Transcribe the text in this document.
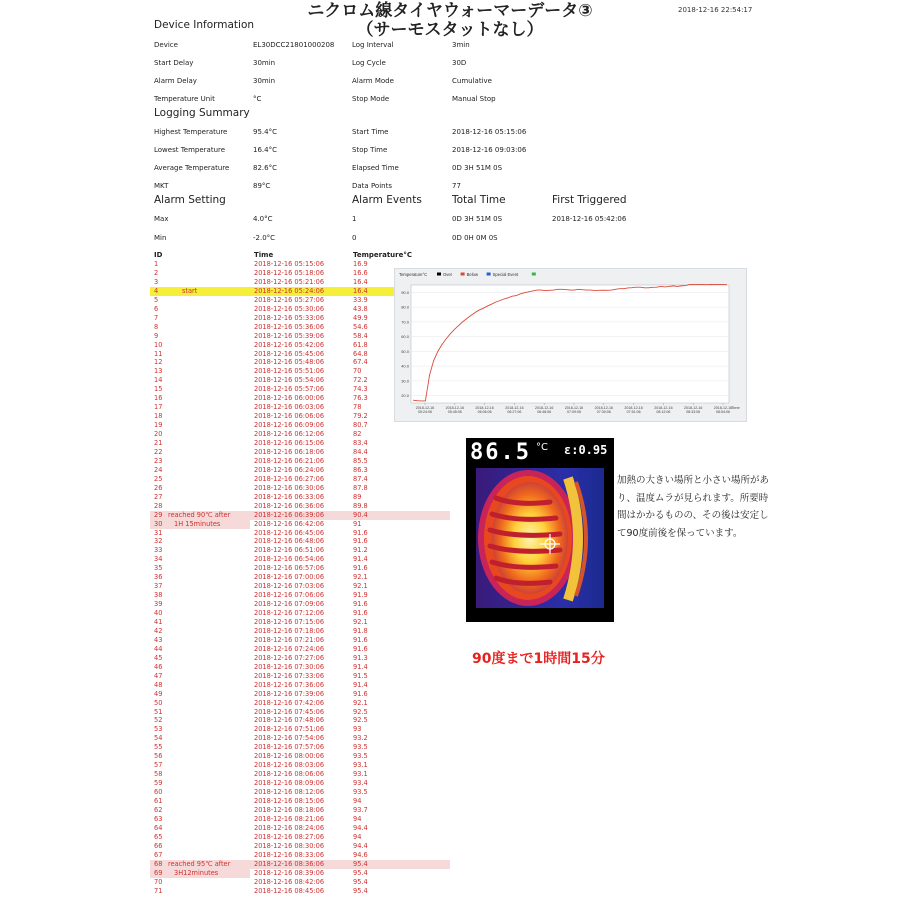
ニクロム線タイヤウォーマーデータ③
（サーモスタットなし）
2018-12-16 22:54:17
Device Information
Device	EL30DCC21801000208
Start Delay	30min
Alarm Delay	30min
Temperature Unit	°C
Log Interval	3min
Log Cycle	30D
Alarm Mode	Cumulative
Stop Mode	Manual Stop
Logging Summary
Highest Temperature	95.4°C
Lowest Temperature	16.4°C
Average Temperature	82.6°C
MKT	89°C
Start Time	2018-12-16 05:15:06
Stop Time	2018-12-16 09:03:06
Elapsed Time	0D 3H 51M 0S
Data Points	77
Alarm Setting	Alarm Events	Total Time	First Triggered
Max	4.0°C	1	0D 3H 51M 0S	2018-12-16 05:42:06
Min	-2.0°C	0	0D 0H 0M 0S
ID	Time	Temperature°C
1	2018-12-16 05:15:06	16.9
2	2018-12-16 05:18:06	16.6
3	2018-12-16 05:21:06	16.4
4	2018-12-16 05:24:06	16.4
start
5	2018-12-16 05:27:06	33.9
6	2018-12-16 05:30:06	43.8
7	2018-12-16 05:33:06	49.9
8	2018-12-16 05:36:06	54.6
9	2018-12-16 05:39:06	58.4
10	2018-12-16 05:42:06	61.8
11	2018-12-16 05:45:06	64.8
12	2018-12-16 05:48:06	67.4
13	2018-12-16 05:51:06	70
14	2018-12-16 05:54:06	72.2
15	2018-12-16 05:57:06	74.3
16	2018-12-16 06:00:06	76.3
17	2018-12-16 06:03:06	78
18	2018-12-16 06:06:06	79.2
19	2018-12-16 06:09:06	80.7
20	2018-12-16 06:12:06	82
21	2018-12-16 06:15:06	83.4
22	2018-12-16 06:18:06	84.4
23	2018-12-16 06:21:06	85.5
24	2018-12-16 06:24:06	86.3
25	2018-12-16 06:27:06	87.4
26	2018-12-16 06:30:06	87.8
27	2018-12-16 06:33:06	89
28	2018-12-16 06:36:06	89.8
29	2018-12-16 06:39:06	90.4
reached 90℃ after
30	2018-12-16 06:42:06	91
1H 15minutes
31	2018-12-16 06:45:06	91.6
32	2018-12-16 06:48:06	91.6
33	2018-12-16 06:51:06	91.2
34	2018-12-16 06:54:06	91.4
35	2018-12-16 06:57:06	91.6
36	2018-12-16 07:00:06	92.1
37	2018-12-16 07:03:06	92.1
38	2018-12-16 07:06:06	91.9
39	2018-12-16 07:09:06	91.6
40	2018-12-16 07:12:06	91.6
41	2018-12-16 07:15:06	92.1
42	2018-12-16 07:18:06	91.8
43	2018-12-16 07:21:06	91.6
44	2018-12-16 07:24:06	91.6
45	2018-12-16 07:27:06	91.3
46	2018-12-16 07:30:06	91.4
47	2018-12-16 07:33:06	91.5
48	2018-12-16 07:36:06	91.4
49	2018-12-16 07:39:06	91.6
50	2018-12-16 07:42:06	92.1
51	2018-12-16 07:45:06	92.5
52	2018-12-16 07:48:06	92.5
53	2018-12-16 07:51:06	93
54	2018-12-16 07:54:06	93.2
55	2018-12-16 07:57:06	93.5
56	2018-12-16 08:00:06	93.5
57	2018-12-16 08:03:06	93.1
58	2018-12-16 08:06:06	93.1
59	2018-12-16 08:09:06	93.4
60	2018-12-16 08:12:06	93.5
61	2018-12-16 08:15:06	94
62	2018-12-16 08:18:06	93.7
63	2018-12-16 08:21:06	94
64	2018-12-16 08:24:06	94.4
65	2018-12-16 08:27:06	94
66	2018-12-16 08:30:06	94.4
67	2018-12-16 08:33:06	94.6
68	2018-12-16 08:36:06	95.4
reached 95℃ after
69	2018-12-16 08:39:06	95.4
3H12minutes
70	2018-12-16 08:42:06	95.4
71	2018-12-16 08:45:06	95.4
Temperature°C	Over	Below	Special Event
20.0
30.0
40.0
50.0
60.0
70.0
80.0
90.0
2018-12-16
05:24:06
2018-12-16
05:45:06
2018-12-16
06:06:06
2018-12-16
06:27:06
2018-12-16
06:48:06
2018-12-16
07:09:06
2018-12-16
07:30:06
2018-12-16
07:51:06
2018-12-16
08:12:06
2018-12-16
08:33:06
2018-12-16
08:54:06
Time
86.5 °C ε:0.95
加熱の大きい場所と小さい場所があり、温度ムラが見られます。所要時間はかかるものの、その後は安定して90度前後を保っています。
90度まで1時間15分
